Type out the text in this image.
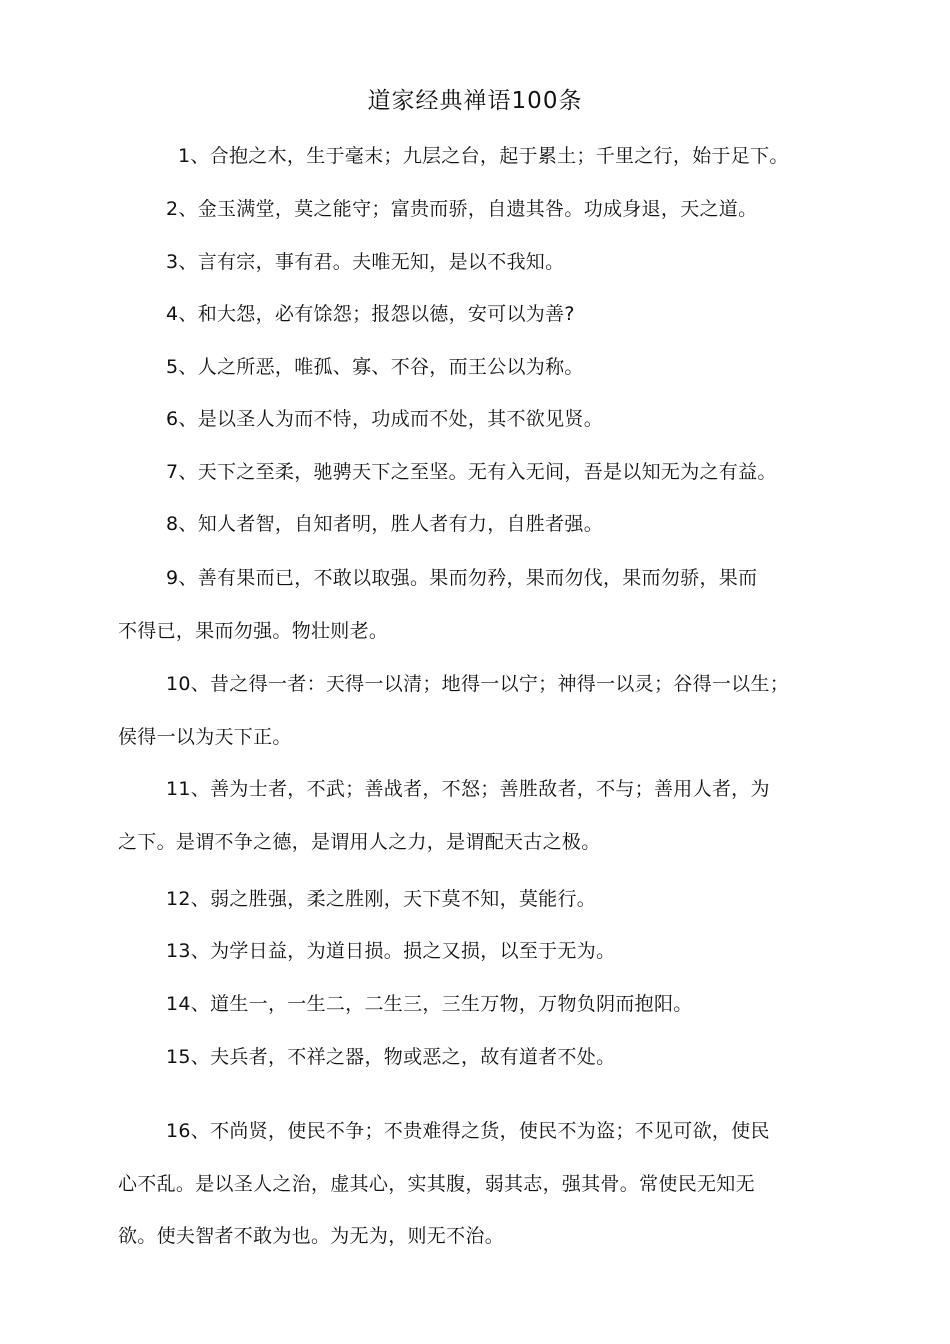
道家经典禅语100条
1、合抱之木，生于毫末；九层之台，起于累土；千里之行，始于足下。
2、金玉满堂，莫之能守；富贵而骄，自遗其咎。功成身退，天之道。
3、言有宗，事有君。夫唯无知，是以不我知。
4、和大怨，必有馀怨；报怨以德，安可以为善?
5、人之所恶，唯孤、寡、不谷，而王公以为称。
6、是以圣人为而不恃，功成而不处，其不欲见贤。
7、天下之至柔，驰骋天下之至坚。无有入无间，吾是以知无为之有益。
8、知人者智，自知者明，胜人者有力，自胜者强。
9、善有果而已，不敢以取强。果而勿矜，果而勿伐，果而勿骄，果而
不得已，果而勿强。物壮则老。
10、昔之得一者：天得一以清；地得一以宁；神得一以灵；谷得一以生；
侯得一以为天下正。
11、善为士者，不武；善战者，不怒；善胜敌者，不与；善用人者，为
之下。是谓不争之德，是谓用人之力，是谓配天古之极。
12、弱之胜强，柔之胜刚，天下莫不知，莫能行。
13、为学日益，为道日损。损之又损，以至于无为。
14、道生一，一生二，二生三，三生万物，万物负阴而抱阳。
15、夫兵者，不祥之器，物或恶之，故有道者不处。
16、不尚贤，使民不争；不贵难得之货，使民不为盗；不见可欲，使民
心不乱。是以圣人之治，虚其心，实其腹，弱其志，强其骨。常使民无知无
欲。使夫智者不敢为也。为无为，则无不治。
